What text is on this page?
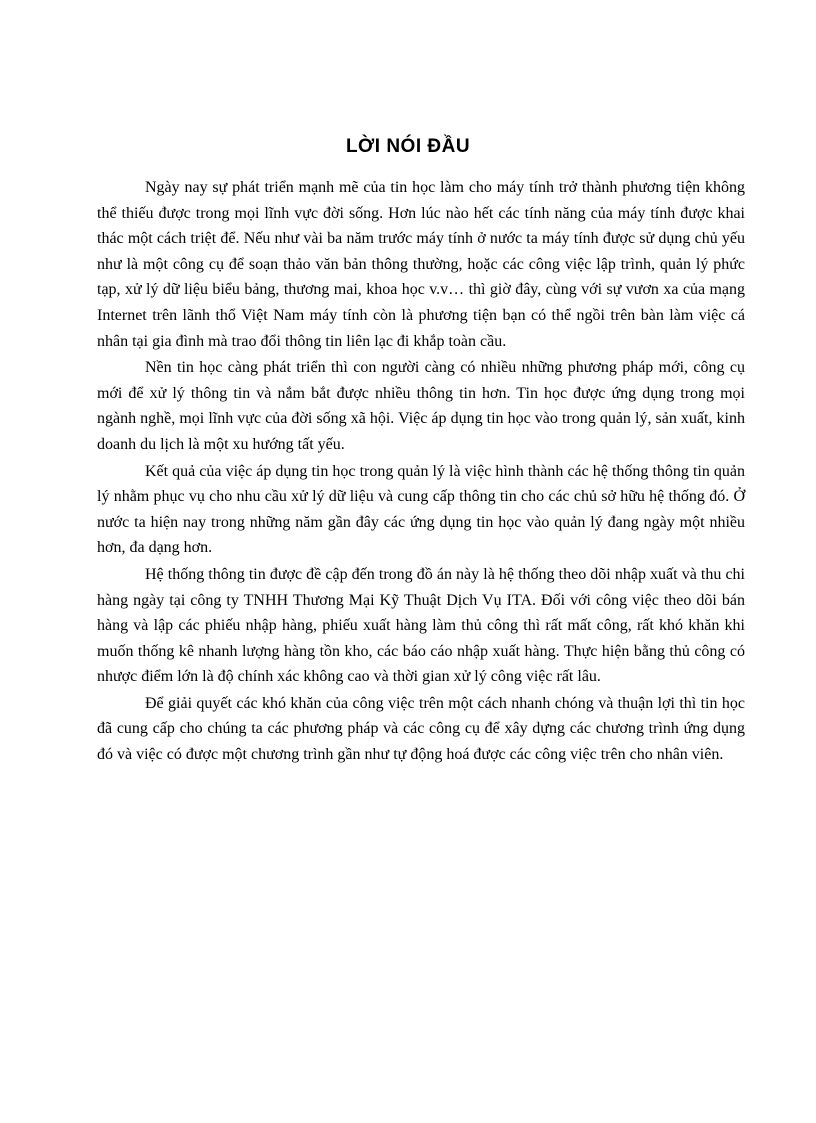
LỜI NÓI ĐẦU

Ngày nay sự phát triển mạnh mẽ của tin học làm cho máy tính trở thành phương tiện không thể thiếu được trong mọi lĩnh vực đời sống. Hơn lúc nào hết các tính năng của máy tính được khai thác một cách triệt để. Nếu như vài ba năm trước máy tính ở nước ta máy tính được sử dụng chủ yếu như là một công cụ để soạn thảo văn bản thông thường, hoặc các công việc lập trình, quản lý phức tạp, xử lý dữ liệu biểu bảng, thương mai, khoa học v.v… thì giờ đây, cùng với sự vươn xa của mạng Internet trên lãnh thổ Việt Nam máy tính còn là phương tiện bạn có thể ngồi trên bàn làm việc cá nhân tại gia đình mà trao đổi thông tin liên lạc đi khắp toàn cầu.

Nền tin học càng phát triển thì con người càng có nhiều những phương pháp mới, công cụ mới để xử lý thông tin và nắm bắt được nhiều thông tin hơn. Tin học được ứng dụng trong mọi ngành nghề, mọi lĩnh vực của đời sống xã hội. Việc áp dụng tin học vào trong quản lý, sản xuất, kinh doanh du lịch là một xu hướng tất yếu.

Kết quả của việc áp dụng tin học trong quản lý là việc hình thành các hệ thống thông tin quản lý nhằm phục vụ cho nhu cầu xử lý dữ liệu và cung cấp thông tin cho các chủ sở hữu hệ thống đó. Ở nước ta hiện nay trong những năm gần đây các ứng dụng tin học vào quản lý đang ngày một nhiều hơn, đa dạng hơn.

Hệ thống thông tin được đề cập đến trong đồ án này là hệ thống theo dõi nhập xuất và thu chi hàng ngày tại công ty TNHH Thương Mại Kỹ Thuật Dịch Vụ ITA. Đối với công việc theo dõi bán hàng và lập các phiếu nhập hàng, phiếu xuất hàng làm thủ công thì rất mất công, rất khó khăn khi muốn thống kê nhanh lượng hàng tồn kho, các báo cáo nhập xuất hàng. Thực hiện bằng thủ công có nhược điểm lớn là độ chính xác không cao và thời gian xử lý công việc rất lâu.

Để giải quyết các khó khăn của công việc trên một cách nhanh chóng và thuận lợi thì tin học đã cung cấp cho chúng ta các phương pháp và các công cụ để xây dựng các chương trình ứng dụng đó và việc có được một chương trình gần như tự động hoá được các công việc trên cho nhân viên.
